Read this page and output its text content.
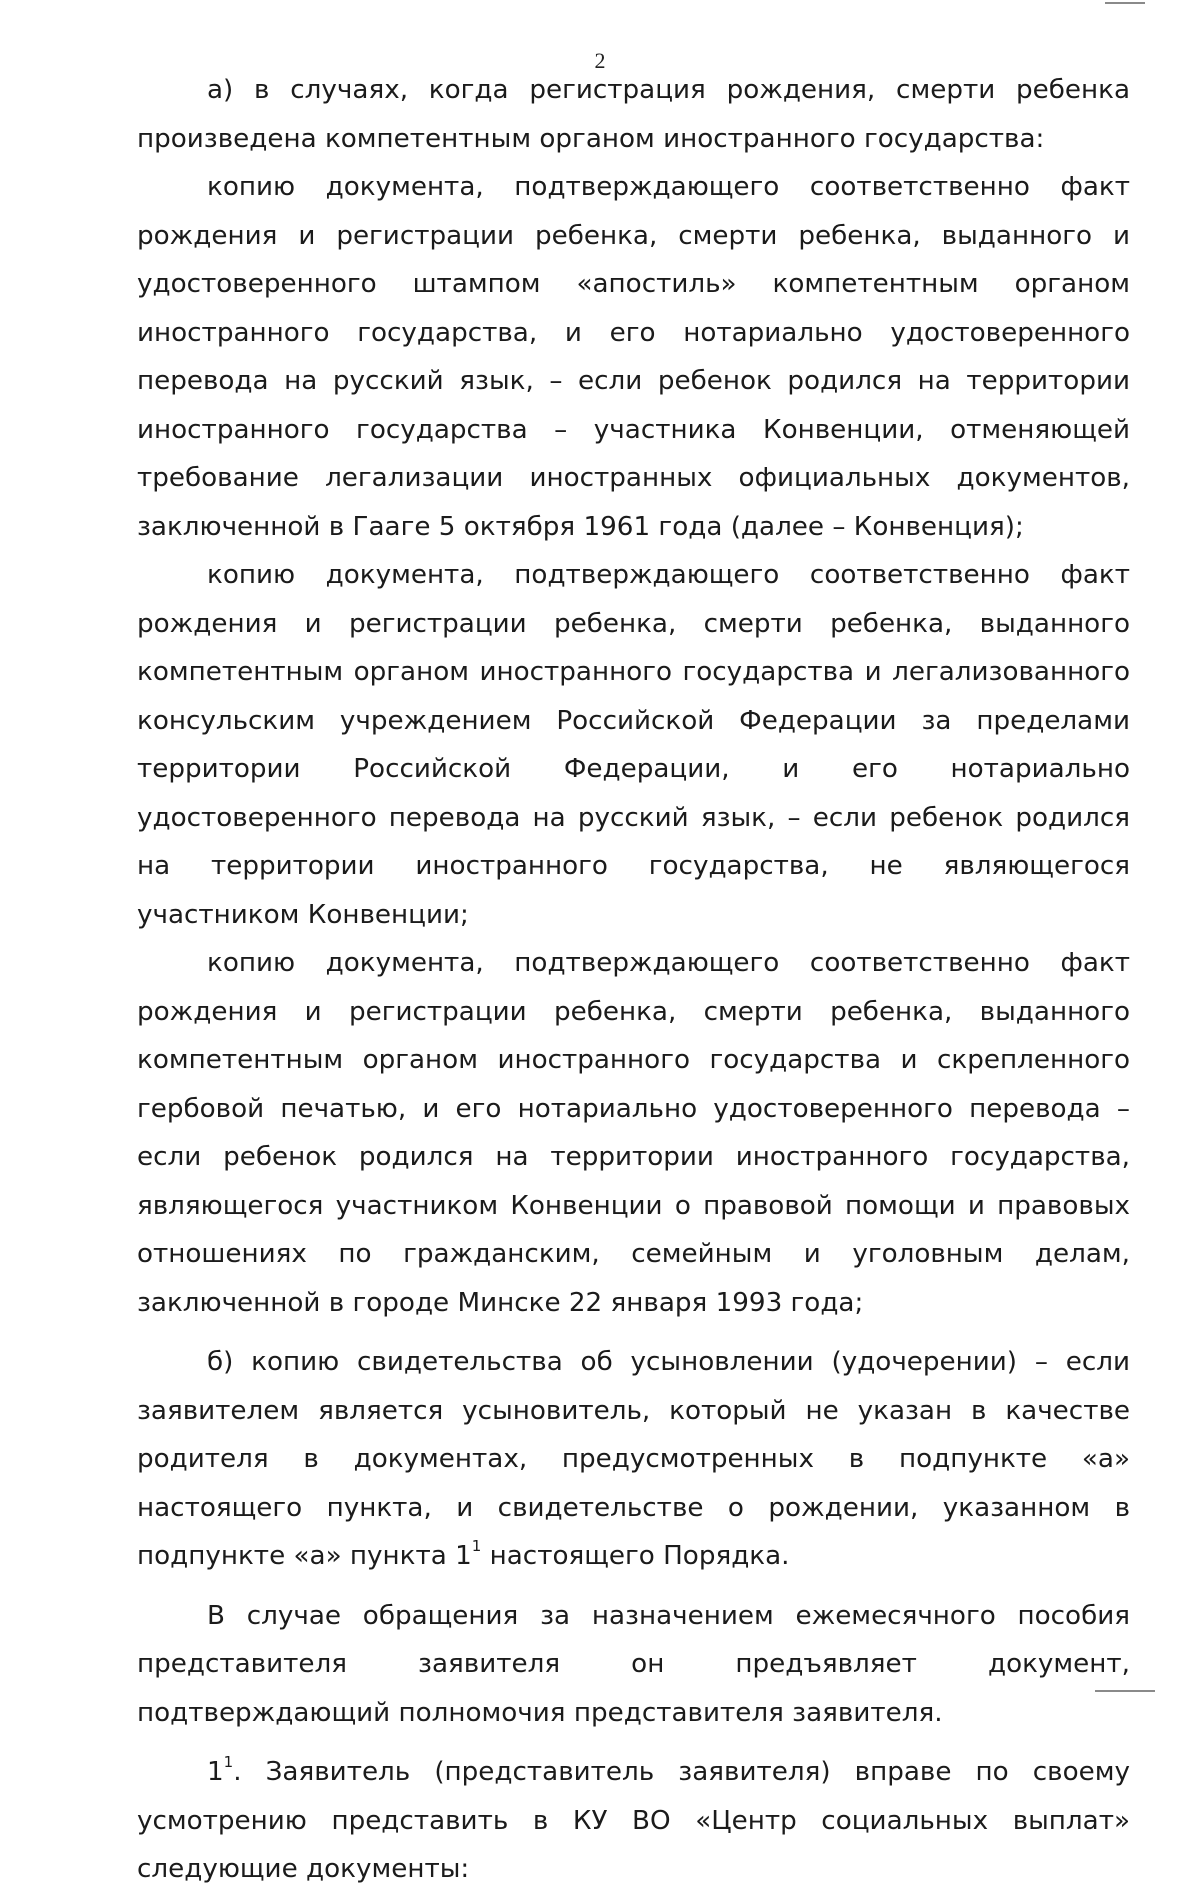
2

а) в случаях, когда регистрация рождения, смерти ребенка произведена компетентным органом иностранного государства:

копию документа, подтверждающего соответственно факт рождения и регистрации ребенка, смерти ребенка, выданного и удостоверенного штампом «апостиль» компетентным органом иностранного государства, и его нотариально удостоверенного перевода на русский язык, – если ребенок родился на территории иностранного государства – участника Конвенции, отменяющей требование легализации иностранных официальных документов, заключенной в Гааге 5 октября 1961 года (далее – Конвенция);

копию документа, подтверждающего соответственно факт рождения и регистрации ребенка, смерти ребенка, выданного компетентным органом иностранного государства и легализованного консульским учреждением Российской Федерации за пределами территории Российской Федерации, и его нотариально удостоверенного перевода на русский язык, – если ребенок родился на территории иностранного государства, не являющегося участником Конвенции;

копию документа, подтверждающего соответственно факт рождения и регистрации ребенка, смерти ребенка, выданного компетентным органом иностранного государства и скрепленного гербовой печатью, и его нотариально удостоверенного перевода – если ребенок родился на территории иностранного государства, являющегося участником Конвенции о правовой помощи и правовых отношениях по гражданским, семейным и уголовным делам, заключенной в городе Минске 22 января 1993 года;

б) копию свидетельства об усыновлении (удочерении) – если заявителем является усыновитель, который не указан в качестве родителя в документах, предусмотренных в подпункте «а» настоящего пункта, и свидетельстве о рождении, указанном в подпункте «а» пункта $1^1$ настоящего Порядка.

В случае обращения за назначением ежемесячного пособия представителя заявителя он предъявляет документ, подтверждающий полномочия представителя заявителя.

$1^1$. Заявитель (представитель заявителя) вправе по своему усмотрению представить в КУ ВО «Центр социальных выплат» следующие документы:
